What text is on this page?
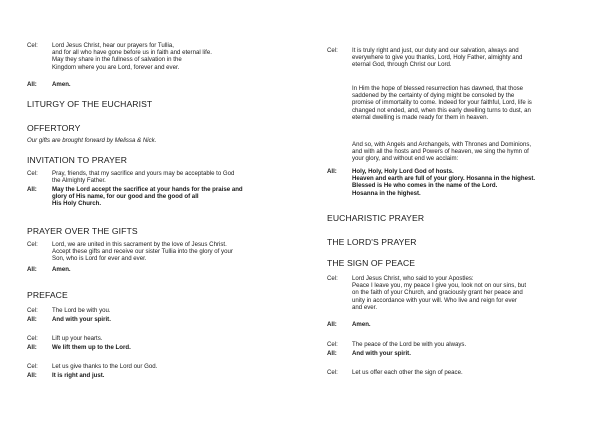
Cel: Lord Jesus Christ, hear our prayers for Tullia,
and for all who have gone before us in faith and eternal life.
May they share in the fullness of salvation in the
Kingdom where you are Lord, forever and ever.
All: Amen.
LITURGY OF THE EUCHARIST
OFFERTORY
Our gifts are brought forward by Melissa & Nick.
INVITATION TO PRAYER
Cel: Pray, friends, that my sacrifice and yours may be acceptable to God
the Almighty Father.
All: May the Lord accept the sacrifice at your hands for the praise and
glory of His name, for our good and the good of all
His Holy Church.
PRAYER OVER THE GIFTS
Cel: Lord, we are united in this sacrament by the love of Jesus Christ.
Accept these gifts and receive our sister Tullia into the glory of your
Son, who is Lord for ever and ever.
All: Amen.
PREFACE
Cel: The Lord be with you.
All: And with your spirit.
Cel: Lift up your hearts.
All: We lift them up to the Lord.
Cel: Let us give thanks to the Lord our God.
All: It is right and just.
Cel: It is truly right and just, our duty and our salvation, always and
everywhere to give you thanks, Lord, Holy Father, almighty and
eternal God, through Christ our Lord.
In Him the hope of blessed resurrection has dawned, that those
saddened by the certainty of dying might be consoled by the
promise of immortality to come. Indeed for your faithful, Lord, life is
changed not ended, and, when this early dwelling turns to dust, an
eternal dwelling is made ready for them in heaven.
And so, with Angels and Archangels, with Thrones and Dominions,
and with all the hosts and Powers of heaven, we sing the hymn of
your glory, and without end we acclaim:
All: Holy, Holy, Holy Lord God of hosts.
Heaven and earth are full of your glory. Hosanna in the highest.
Blessed is He who comes in the name of the Lord.
Hosanna in the highest.
EUCHARISTIC PRAYER
THE LORD'S PRAYER
THE SIGN OF PEACE
Cel: Lord Jesus Christ, who said to your Apostles:
Peace I leave you, my peace I give you, look not on our sins, but
on the faith of your Church, and graciously grant her peace and
unity in accordance with your will. Who live and reign for ever
and ever.
All: Amen.
Cel: The peace of the Lord be with you always.
All: And with your spirit.
Cel: Let us offer each other the sign of peace.
